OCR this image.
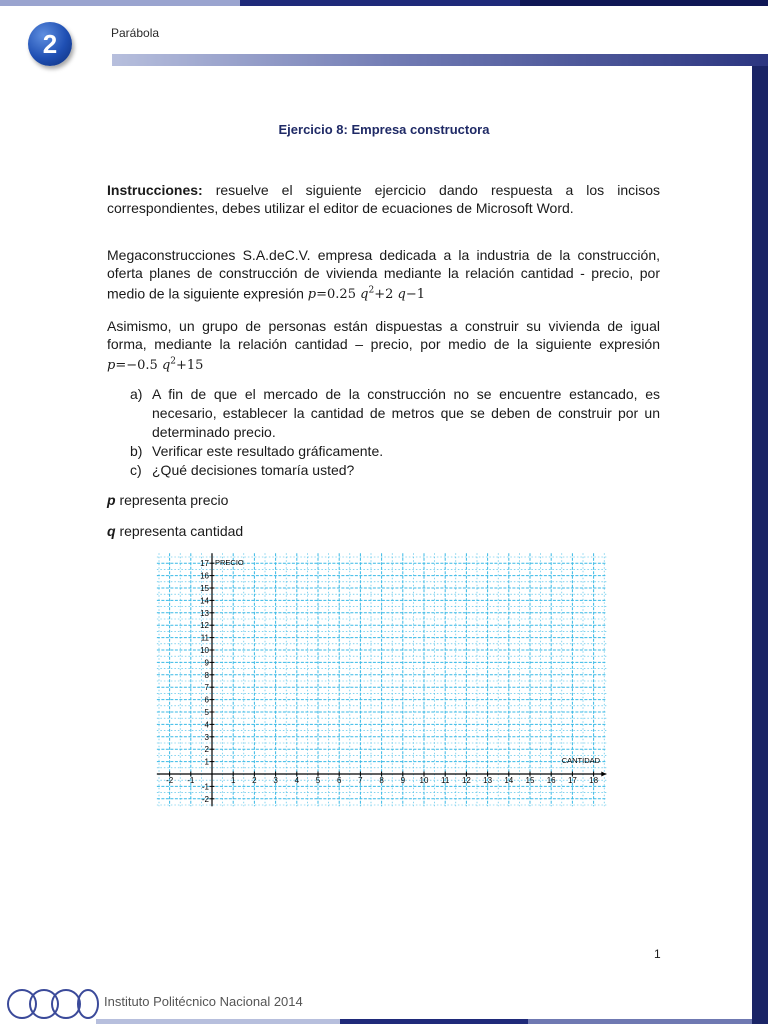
2	Parábola
Ejercicio 8: Empresa constructora
Instrucciones: resuelve el siguiente ejercicio dando respuesta a los incisos correspondientes, debes utilizar el editor de ecuaciones de Microsoft Word.
Megaconstrucciones S.A.deC.V. empresa dedicada a la industria de la construcción, oferta planes de construcción de vivienda mediante la relación cantidad - precio, por medio de la siguiente expresión p=0.25 $q^2+2$ q−1
Asimismo, un grupo de personas están dispuestas a construir su vivienda de igual forma, mediante la relación cantidad – precio, por medio de la siguiente expresión p=−0.5 $q^2+15$
a) A fin de que el mercado de la construcción no se encuentre estancado, es necesario, establecer la cantidad de metros que se deben de construir por un determinado precio.
b) Verificar este resultado gráficamente.
c) ¿Qué decisiones tomaría usted?
p representa precio
q representa cantidad
-2 -1	1 2 3 4 5 6 7 8 9 10 11 12 13 14 15 16 17 18
17
16
15
14
13
12
11
10
9
8
7
6
5
4
3
2
1
-1
-2
PRECIO
CANTIDAD
1
Instituto Politécnico Nacional 2014
